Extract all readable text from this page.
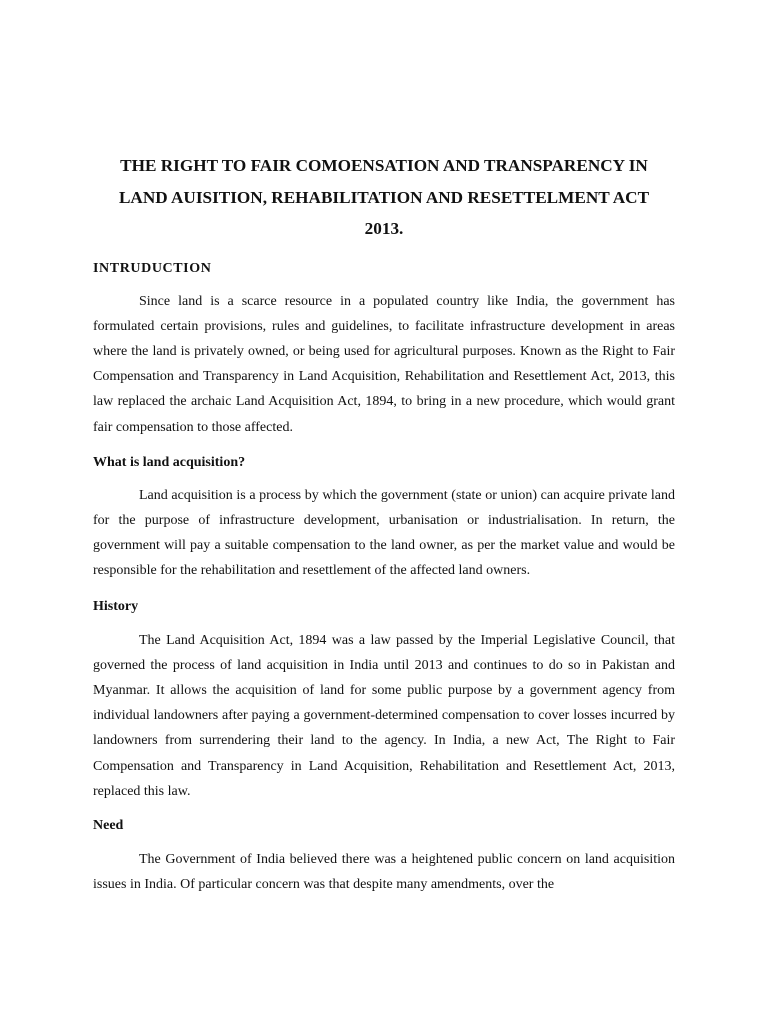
THE RIGHT TO FAIR COMOENSATION AND TRANSPARENCY IN
LAND AUISITION, REHABILITATION AND RESETTELMENT ACT
2013.
INTRUDUCTION

Since land is a scarce resource in a populated country like India, the government has formulated certain provisions, rules and guidelines, to facilitate infrastructure development in areas where the land is privately owned, or being used for agricultural purposes. Known as the Right to Fair Compensation and Transparency in Land Acquisition, Rehabilitation and Resettlement Act, 2013, this law replaced the archaic Land Acquisition Act, 1894, to bring in a new procedure, which would grant fair compensation to those affected.

What is land acquisition?

Land acquisition is a process by which the government (state or union) can acquire private land for the purpose of infrastructure development, urbanisation or industrialisation. In return, the government will pay a suitable compensation to the land owner, as per the market value and would be responsible for the rehabilitation and resettlement of the affected land owners.

History

The Land Acquisition Act, 1894 was a law passed by the Imperial Legislative Council, that governed the process of land acquisition in India until 2013 and continues to do so in Pakistan and Myanmar. It allows the acquisition of land for some public purpose by a government agency from individual landowners after paying a government-determined compensation to cover losses incurred by landowners from surrendering their land to the agency. In India, a new Act, The Right to Fair Compensation and Transparency in Land Acquisition, Rehabilitation and Resettlement Act, 2013, replaced this law.

Need

The Government of India believed there was a heightened public concern on land acquisition issues in India. Of particular concern was that despite many amendments, over the
